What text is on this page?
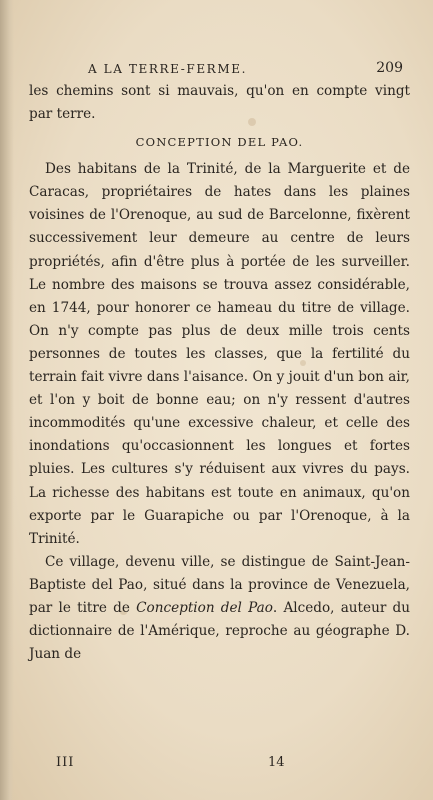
A LA TERRE-FERME.	209

les chemins sont si mauvais, qu'on en compte vingt par terre.

CONCEPTION DEL PAO.

Des habitans de la Trinité, de la Marguerite et de Caracas, propriétaires de hates dans les plaines voisines de l'Orenoque, au sud de Barcelonne, fixèrent successivement leur demeure au centre de leurs propriétés, afin d'être plus à portée de les surveiller. Le nombre des maisons se trouva assez considérable, en 1744, pour honorer ce hameau du titre de village. On n'y compte pas plus de deux mille trois cents personnes de toutes les classes, que la fertilité du terrain fait vivre dans l'aisance. On y jouit d'un bon air, et l'on y boit de bonne eau; on n'y ressent d'autres incommodités qu'une excessive chaleur, et celle des inondations qu'occasionnent les longues et fortes pluies. Les cultures s'y réduisent aux vivres du pays. La richesse des habitans est toute en animaux, qu'on exporte par le Guarapiche ou par l'Orenoque, à la Trinité.

Ce village, devenu ville, se distingue de Saint-Jean-Baptiste del Pao, situé dans la province de Venezuela, par le titre de Conception del Pao. Alcedo, auteur du dictionnaire de l'Amérique, reproche au géographe D. Juan de

III	14
